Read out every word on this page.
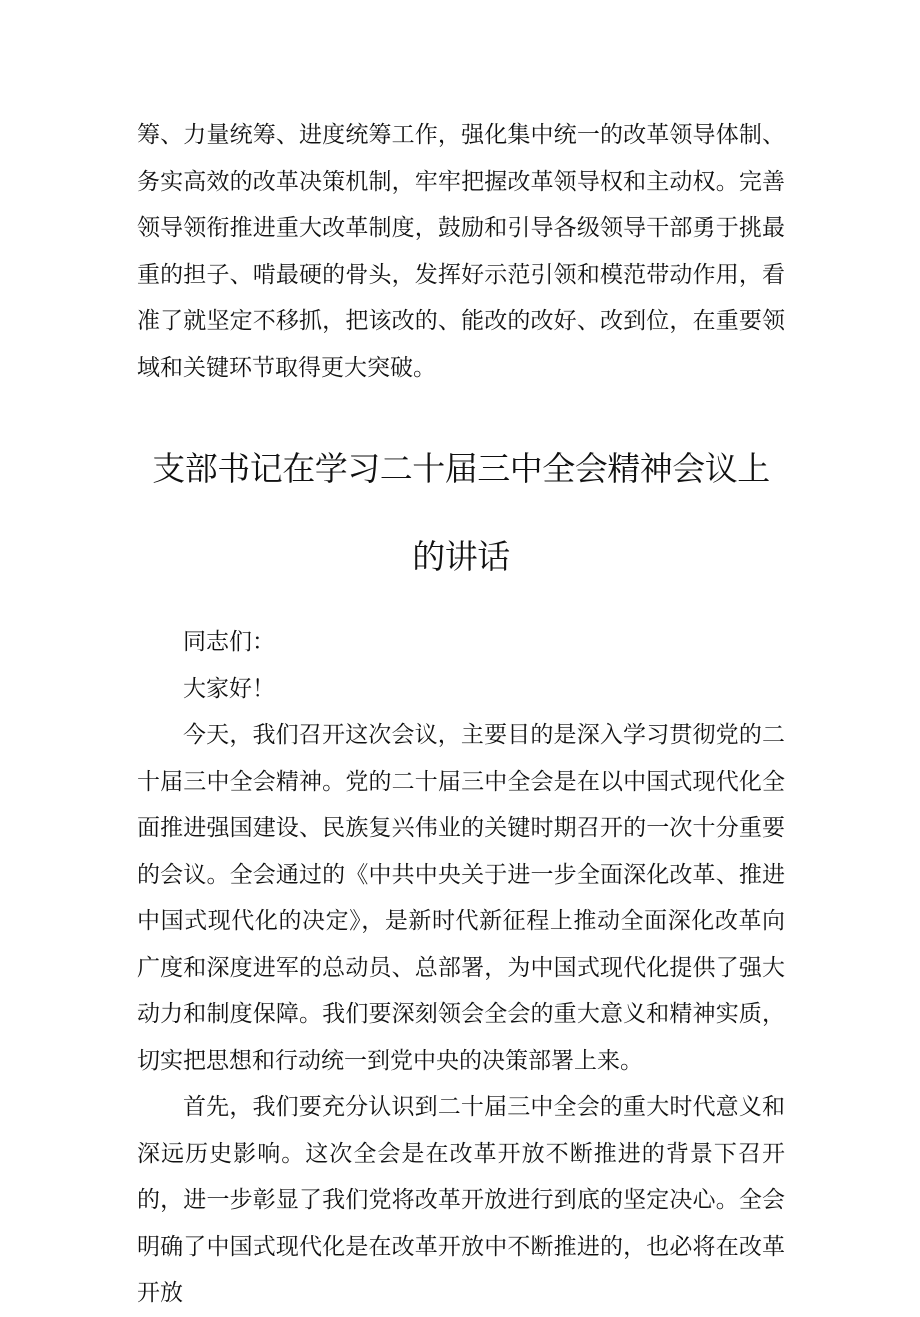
筹、力量统筹、进度统筹工作，强化集中统一的改革领导体制、务实高效的改革决策机制，牢牢把握改革领导权和主动权。完善领导领衔推进重大改革制度，鼓励和引导各级领导干部勇于挑最重的担子、啃最硬的骨头，发挥好示范引领和模范带动作用，看准了就坚定不移抓，把该改的、能改的改好、改到位，在重要领域和关键环节取得更大突破。

支部书记在学习二十届三中全会精神会议上的讲话

同志们：

大家好！

今天，我们召开这次会议，主要目的是深入学习贯彻党的二十届三中全会精神。党的二十届三中全会是在以中国式现代化全面推进强国建设、民族复兴伟业的关键时期召开的一次十分重要的会议。全会通过的《中共中央关于进一步全面深化改革、推进中国式现代化的决定》，是新时代新征程上推动全面深化改革向广度和深度进军的总动员、总部署，为中国式现代化提供了强大动力和制度保障。我们要深刻领会全会的重大意义和精神实质，切实把思想和行动统一到党中央的决策部署上来。

首先，我们要充分认识到二十届三中全会的重大时代意义和深远历史影响。这次全会是在改革开放不断推进的背景下召开的，进一步彰显了我们党将改革开放进行到底的坚定决心。全会明确了中国式现代化是在改革开放中不断推进的，也必将在改革开放
